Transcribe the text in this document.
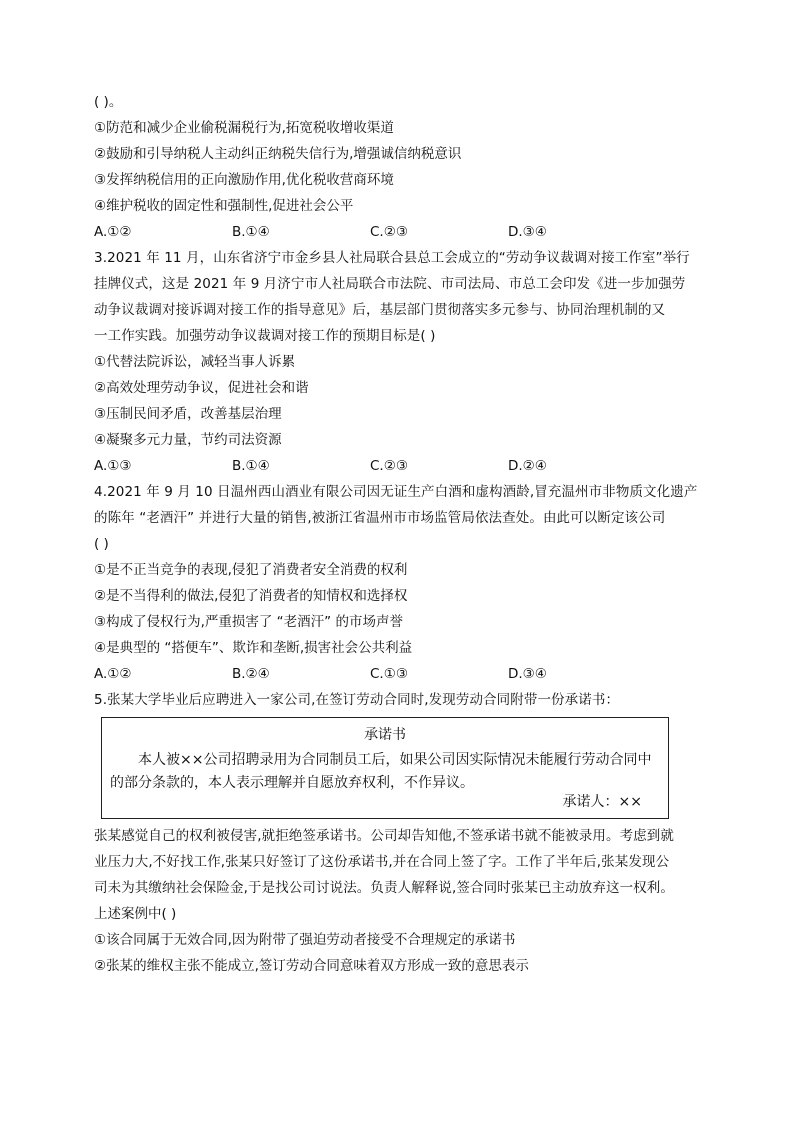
( )。
①防范和减少企业偷税漏税行为,拓宽税收增收渠道
②鼓励和引导纳税人主动纠正纳税失信行为,增强诚信纳税意识
③发挥纳税信用的正向激励作用,优化税收营商环境
④维护税收的固定性和强制性,促进社会公平
A.①②	B.①④	C.②③	D.③④
3.2021 年 11 月，山东省济宁市金乡县人社局联合县总工会成立的“劳动争议裁调对接工作室”举行
挂牌仪式，这是 2021 年 9 月济宁市人社局联合市法院、市司法局、市总工会印发《进一步加强劳
动争议裁调对接诉调对接工作的指导意见》后，基层部门贯彻落实多元参与、协同治理机制的又
一工作实践。加强劳动争议裁调对接工作的预期目标是( )
①代替法院诉讼，减轻当事人诉累
②高效处理劳动争议，促进社会和谐
③压制民间矛盾，改善基层治理
④凝聚多元力量，节约司法资源
A.①③	B.①④	C.②③	D.②④
4.2021 年 9 月 10 日温州西山酒业有限公司因无证生产白酒和虚构酒龄,冒充温州市非物质文化遗产
的陈年 “老酒汗” 并进行大量的销售,被浙江省温州市市场监管局依法查处。由此可以断定该公司
( )
①是不正当竞争的表现,侵犯了消费者安全消费的权利
②是不当得利的做法,侵犯了消费者的知情权和选择权
③构成了侵权行为,严重损害了 “老酒汗” 的市场声誉
④是典型的 “搭便车”、欺诈和垄断,损害社会公共利益
A.①②	B.②④	C.①③	D.③④
5.张某大学毕业后应聘进入一家公司,在签订劳动合同时,发现劳动合同附带一份承诺书：
承诺书
本人被××公司招聘录用为合同制员工后，如果公司因实际情况未能履行劳动合同中的部分条款的，本人表示理解并自愿放弃权利，不作异议。
承诺人：××
张某感觉自己的权利被侵害,就拒绝签承诺书。公司却告知他,不签承诺书就不能被录用。考虑到就
业压力大,不好找工作,张某只好签订了这份承诺书,并在合同上签了字。工作了半年后,张某发现公
司未为其缴纳社会保险金,于是找公司讨说法。负责人解释说,签合同时张某已主动放弃这一权利。
上述案例中( )
①该合同属于无效合同,因为附带了强迫劳动者接受不合理规定的承诺书
②张某的维权主张不能成立,签订劳动合同意味着双方形成一致的意思表示
